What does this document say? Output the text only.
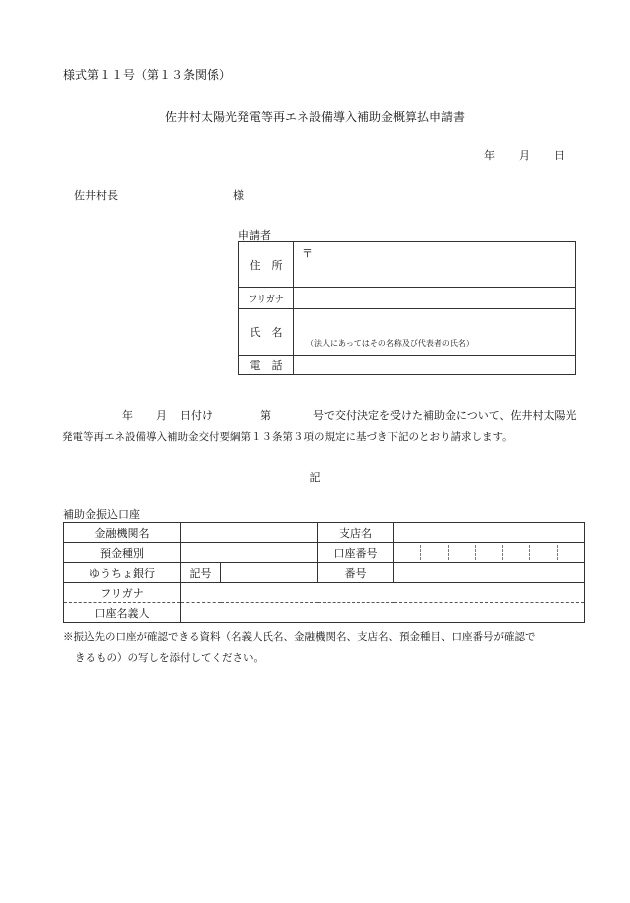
様式第１１号（第１３条関係）
佐井村太陽光発電等再エネ設備導入補助金概算払申請書
年 月 日
佐井村長	様
申請者
住　所	〒
フリガナ	
氏　名	（法人にあってはその名称及び代表者の氏名）
電　話	
年 月 日付け	第	号で交付決定を受けた補助金について、佐井村太陽光
発電等再エネ設備導入補助金交付要綱第１３条第３項の規定に基づき下記のとおり請求します。
記
補助金振込口座
金融機関名			支店名	
預金種別			口座番号	

ゆうちょ銀行	記号		番号	
フリガナ				
口座名義人				
※振込先の口座が確認できる資料（名義人氏名、金融機関名、支店名、預金種目、口座番号が確認で
きるもの）の写しを添付してください。
